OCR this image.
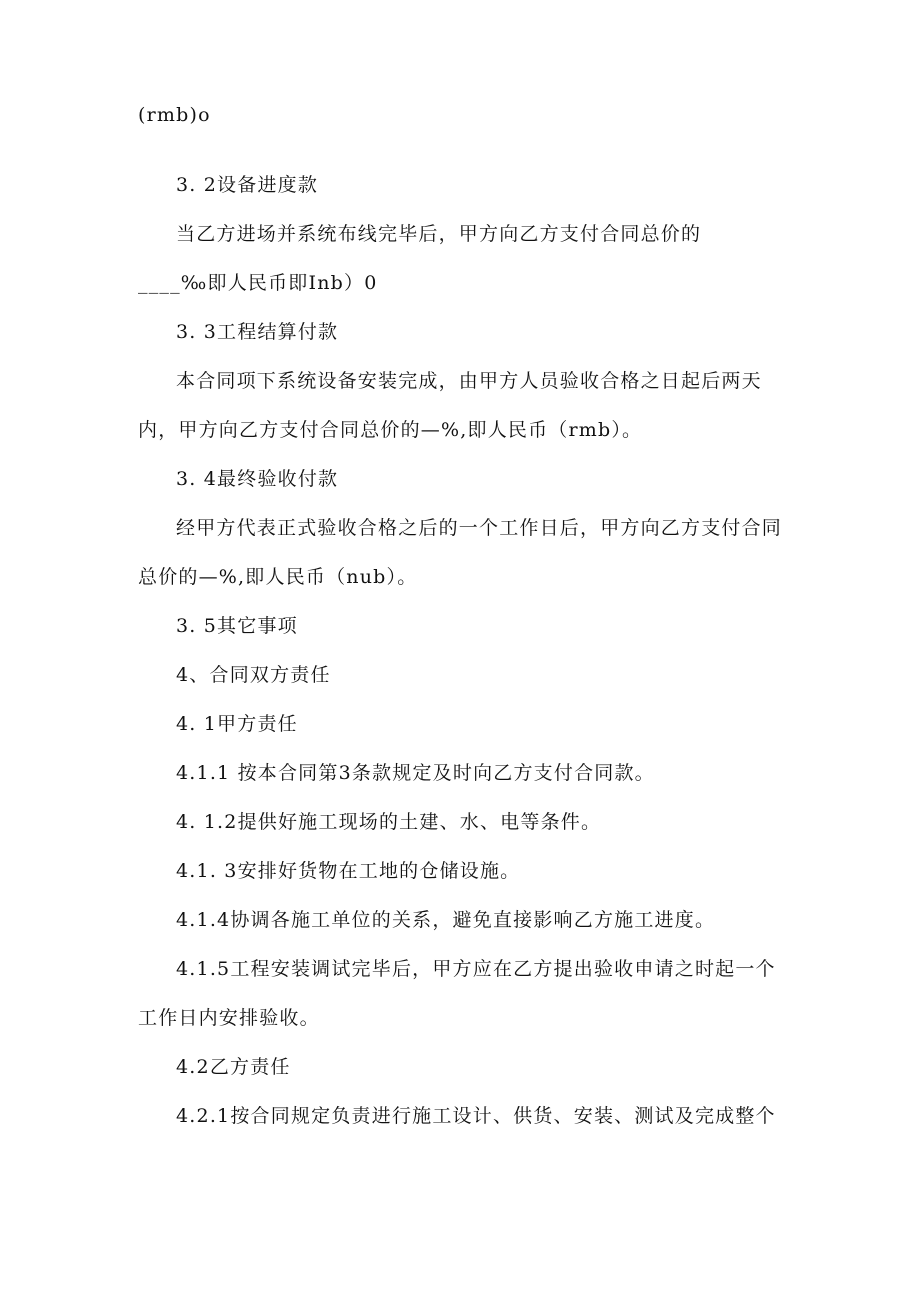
(rmb)o
3. 2设备进度款
当乙方进场并系统布线完毕后，甲方向乙方支付合同总价的
____‰即人民币即Inb）0
3. 3工程结算付款
本合同项下系统设备安装完成，由甲方人员验收合格之日起后两天
内，甲方向乙方支付合同总价的—%,即人民币（rmb）。
3. 4最终验收付款
经甲方代表正式验收合格之后的一个工作日后，甲方向乙方支付合同
总价的—%,即人民币（nub）。
3. 5其它事项
4、合同双方责任
4. 1甲方责任
4.1.1 按本合同第3条款规定及时向乙方支付合同款。
4. 1.2提供好施工现场的土建、水、电等条件。
4.1. 3安排好货物在工地的仓储设施。
4.1.4协调各施工单位的关系，避免直接影响乙方施工进度。
4.1.5工程安装调试完毕后，甲方应在乙方提出验收申请之时起一个
工作日内安排验收。
4.2乙方责任
4.2.1按合同规定负责进行施工设计、供货、安装、测试及完成整个
